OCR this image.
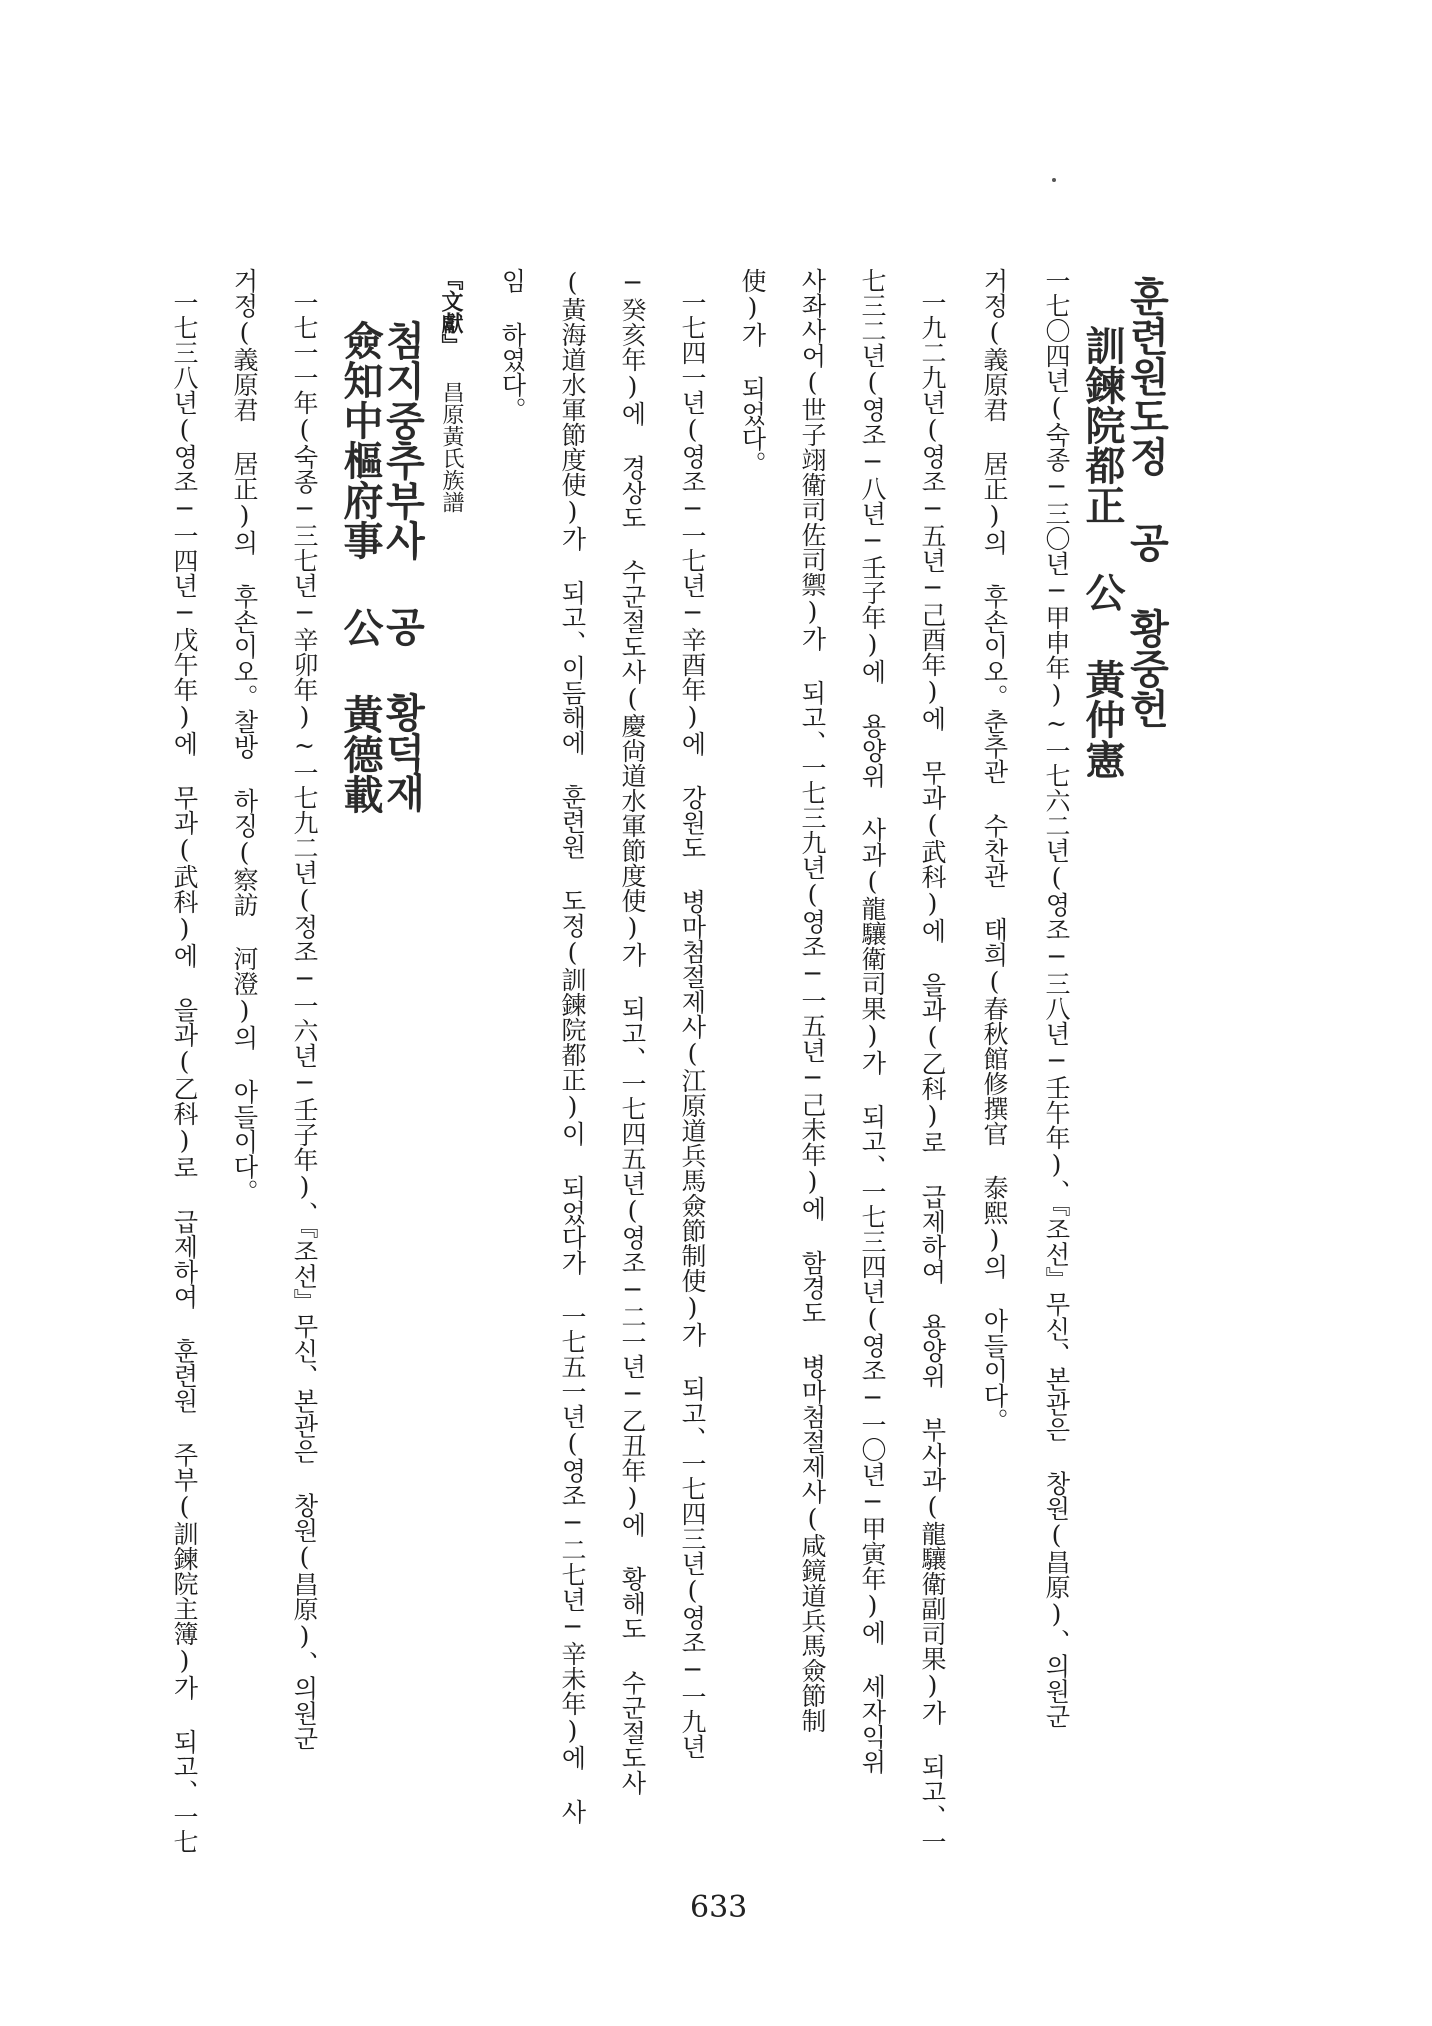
훈련원도정 공 황중헌
訓鍊院都正 公 黃仲憲
一七〇四년(숙종─三〇년─甲申年)~一七六二년(영조─三八년─壬午年)、『조선』무신、본관은 창원(昌原)、의원군
거정(義原君 居正)의 후손이오。춘추관 수찬관 태희(春秋館修撰官 泰熙)의 아들이다。
一九二九년(영조─五년─己酉年)에 무과(武科)에 을과(乙科)로 급제하여 용양위 부사과(龍驤衛副司果)가 되고、一
七三二년(영조─八년─壬子年)에 용양위 사과(龍驤衛司果)가 되고、一七三四년(영조─一〇년─甲寅年)에 세자익위
사좌사어(世子翊衛司佐司禦)가 되고、一七三九년(영조─一五년─己未年)에 함경도 병마첨절제사(咸鏡道兵馬僉節制
使)가 되었다。
一七四一년(영조─一七년─辛酉年)에 강원도 병마첨절제사(江原道兵馬僉節制使)가 되고、一七四三년(영조─一九년
─癸亥年)에 경상도 수군절도사(慶尙道水軍節度使)가 되고、一七四五년(영조─二一년─乙丑年)에 황해도 수군절도사
(黃海道水軍節度使)가 되고、이듬해에 훈련원 도정(訓鍊院都正)이 되었다가 一七五一년(영조─二七년─辛未年)에 사
임 하였다。
『文獻』 昌原黃氏族譜
첨지중추부사 공 황덕재
僉知中樞府事 公 黃德載
一七一一年(숙종─三七년─辛卯年)~一七九二년(정조─一六년─壬子年)、『조선』무신、본관은 창원(昌原)、의원군
거정(義原君 居正)의 후손이오。찰방 하징(察訪 河澄)의 아들이다。
一七三八년(영조─一四년─戊午年)에 무과(武科)에 을과(乙科)로 급제하여 훈련원 주부(訓鍊院主簿)가 되고、一七
633
